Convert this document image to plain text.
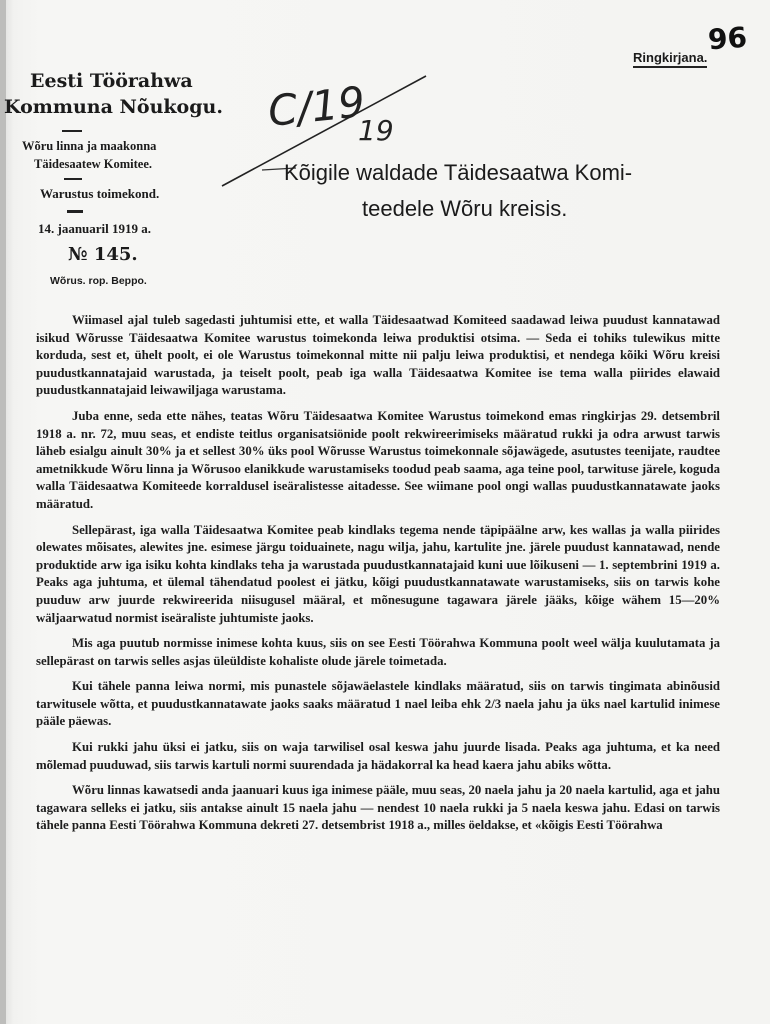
96
Ringkirjana.
Eesti Töörahwa
Kommuna Nõukogu.
Wõru linna ja maakonna
Täidesaatew Komitee.
Warustus toimekond.
14. jaanuaril 1919 a.
№ 145.
Wõrus. rop. Beppo.
C/19
19
Kõigile waldade Täidesaatwa Komi-
teedele Wõru kreisis.

Wiimasel ajal tuleb sagedasti juhtumisi ette, et walla Täidesaatwad Komiteed saadawad leiwa puudust kannatawad isikud Wõrusse Täidesaatwa Komitee warustus toimekonda leiwa produktisi otsima. — Seda ei tohiks tulewikus mitte korduda, sest et, ühelt poolt, ei ole Warustus toimekonnal mitte nii palju leiwa produktisi, et nendega kõiki Wõru kreisi puudustkannatajaid warustada, ja teiselt poolt, peab iga walla Täidesaatwa Komitee ise tema walla piirides elawaid puudustkannatajaid leiwawiljaga warustama.

Juba enne, seda ette nähes, teatas Wõru Täidesaatwa Komitee Warustus toimekond emas ringkirjas 29. detsembril 1918 a. nr. 72, muu seas, et endiste teitlus organisatsiönide poolt rekwireerimiseks määratud rukki ja odra arwust tarwis läheb esialgu ainult 30% ja et sellest 30% üks pool Wõrusse Warustus toimekonnale sõjawägede, asutustes teenijate, raudtee ametnikkude Wõru linna ja Wõrusoo elanikkude warustamiseks toodud peab saama, aga teine pool, tarwituse järele, koguda walla Täidesaatwa Komiteede korraldusel iseäralistesse aitadesse. See wiimane pool ongi wallas puudustkannatawate jaoks määratud.

Sellepärast, iga walla Täidesaatwa Komitee peab kindlaks tegema nende täpipäälne arw, kes wallas ja walla piirides olewates mõisates, alewites jne. esimese järgu toiduainete, nagu wilja, jahu, kartulite jne. järele puudust kannatawad, nende produktide arw iga isiku kohta kindlaks teha ja warustada puudustkannatajaid kuni uue lõikuseni — 1. septembrini 1919 a. Peaks aga juhtuma, et ülemal tähendatud poolest ei jätku, kõigi puudustkannatawate warustamiseks, siis on tarwis kohe puuduw arw juurde rekwireerida niisugusel määral, et mõnesugune tagawara järele jääks, kõige wähem 15—20% wäljaarwatud normist iseäraliste juhtumiste jaoks.

Mis aga puutub normisse inimese kohta kuus, siis on see Eesti Töörahwa Kommuna poolt weel wälja kuulutamata ja sellepärast on tarwis selles asjas üleüldiste kohaliste olude järele toimetada.

Kui tähele panna leiwa normi, mis punastele sõjawäelastele kindlaks määratud, siis on tarwis tingimata abinõusid tarwitusele wõtta, et puudustkannatawate jaoks saaks määratud 1 nael leiba ehk 2/3 naela jahu ja üks nael kartulid inimese pääle päewas.

Kui rukki jahu üksi ei jatku, siis on waja tarwilisel osal keswa jahu juurde lisada. Peaks aga juhtuma, et ka need mõlemad puuduwad, siis tarwis kartuli normi suurendada ja hädakorral ka head kaera jahu abiks wõtta.

Wõru linnas kawatsedi anda jaanuari kuus iga inimese pääle, muu seas, 20 naela jahu ja 20 naela kartulid, aga et jahu tagawara selleks ei jatku, siis antakse ainult 15 naela jahu — nendest 10 naela rukki ja 5 naela keswa jahu. Edasi on tarwis tähele panna Eesti Töörahwa Kommuna dekreti 27. detsembrist 1918 a., milles öeldakse, et «kõigis Eesti Töörahwa
